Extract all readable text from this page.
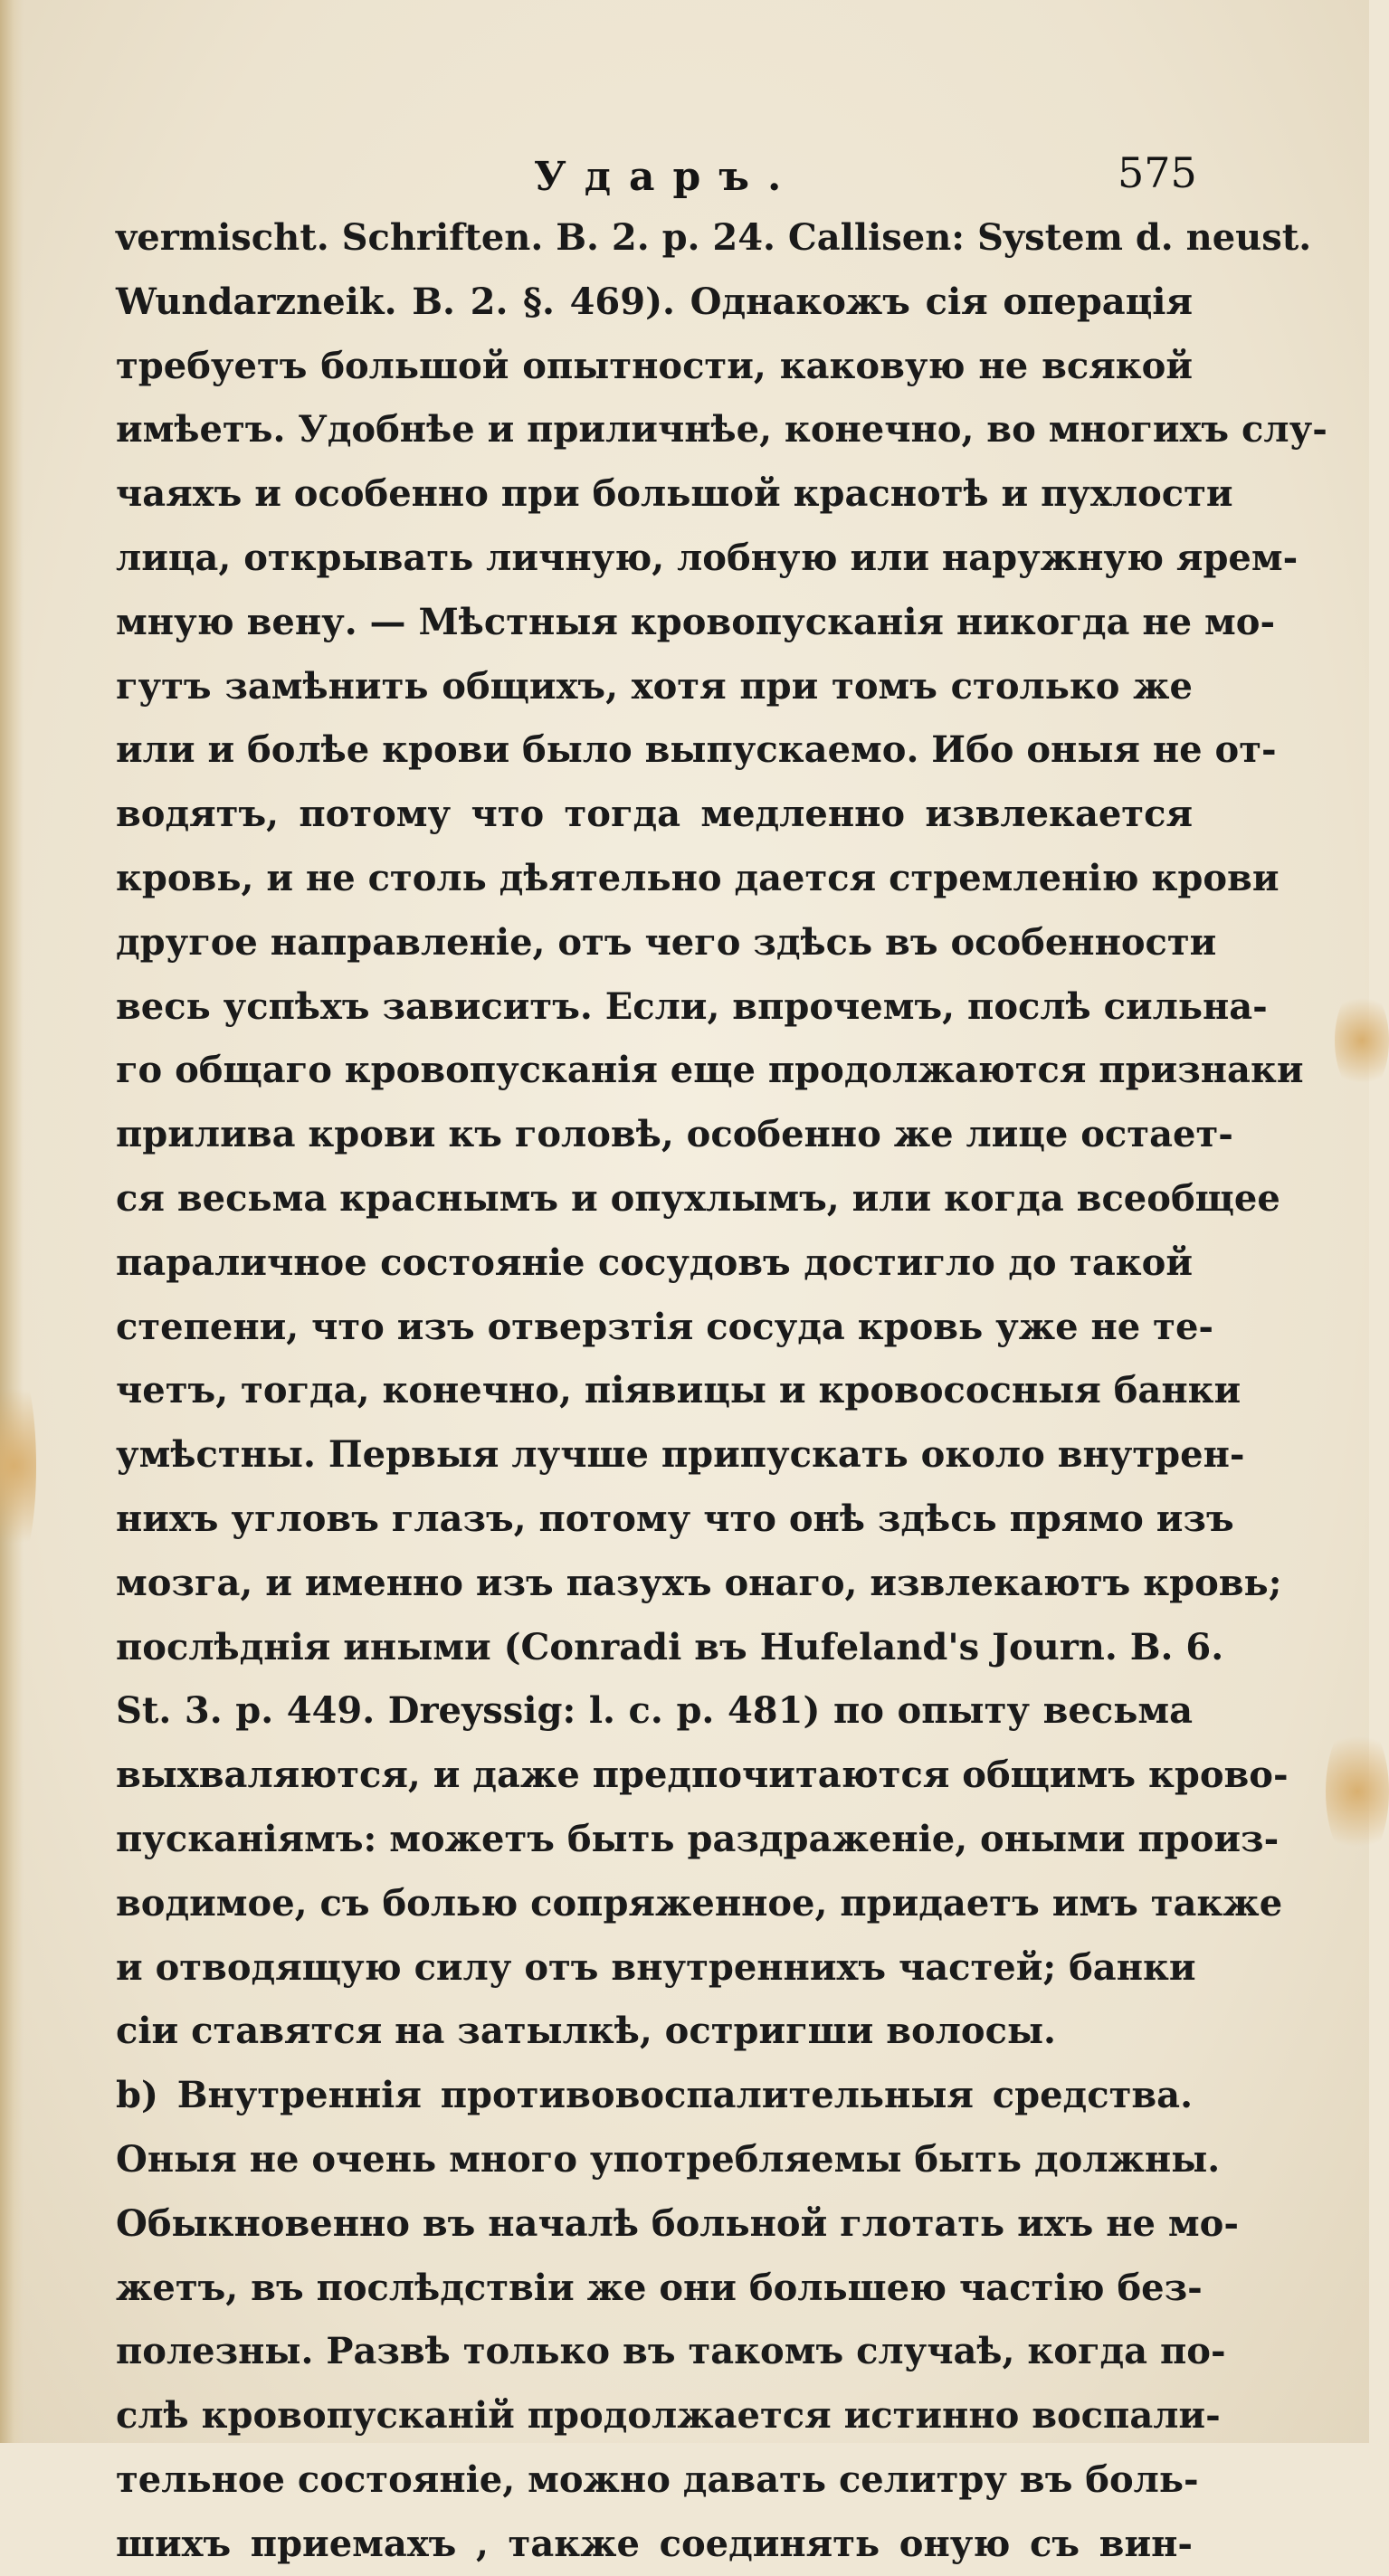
Ударъ.	575
vermischt. Schriften. B. 2. p. 24. Callisen: System d. neust.
Wundarzneik. B. 2. §. 469). Однакожъ сія операція
требуетъ большой опытности, каковую не всякой
имѣетъ. Удобнѣе и приличнѣе, конечно, во многихъ слу-
чаяхъ и особенно при большой краснотѣ и пухлости
лица, открывать личную, лобную или наружную ярем-
мную вену. — Мѣстныя кровопусканія никогда не мо-
гутъ замѣнить общихъ, хотя при томъ столько же
или и болѣе крови было выпускаемо. Ибо оныя не от-
водятъ, потому что тогда медленно извлекается
кровь, и не столь дѣятельно дается стремленію крови
другое направленіе, отъ чего здѣсь въ особенности
весь успѣхъ зависитъ. Если, впрочемъ, послѣ сильна-
го общаго кровопусканія еще продолжаются признаки
прилива крови къ головѣ, особенно же лице остает-
ся весьма краснымъ и опухлымъ, или когда всеобщее
параличное состояніе сосудовъ достигло до такой
степени, что изъ отверзтія сосуда кровь уже не те-
четъ, тогда, конечно, піявицы и кровососныя банки
умѣстны. Первыя лучше припускать около внутрен-
нихъ угловъ глазъ, потому что онѣ здѣсь прямо изъ
мозга, и именно изъ пазухъ онаго, извлекаютъ кровь;
послѣднія иными (Conradi въ Hufeland's Journ. B. 6.
St. 3. p. 449. Dreyssig: l. c. p. 481) по опыту весьма
выхваляются, и даже предпочитаются общимъ крово-
пусканіямъ: можетъ быть раздраженіе, оными произ-
водимое, съ болью сопряженное, придаетъ имъ также
и отводящую силу отъ внутреннихъ частей; банки
сіи ставятся на затылкѣ, остригши волосы.
b) Внутреннія противовоспалительныя средства.
Оныя не очень много употребляемы быть должны.
Обыкновенно въ началѣ больной глотать ихъ не мо-
жетъ, въ послѣдствіи же они большею частію без-
полезны. Развѣ только въ такомъ случаѣ, когда по-
слѣ кровопусканій продолжается истинно воспали-
тельное состояніе, можно давать селитру въ боль-
шихъ приемахъ , также соединять оную съ вин-
